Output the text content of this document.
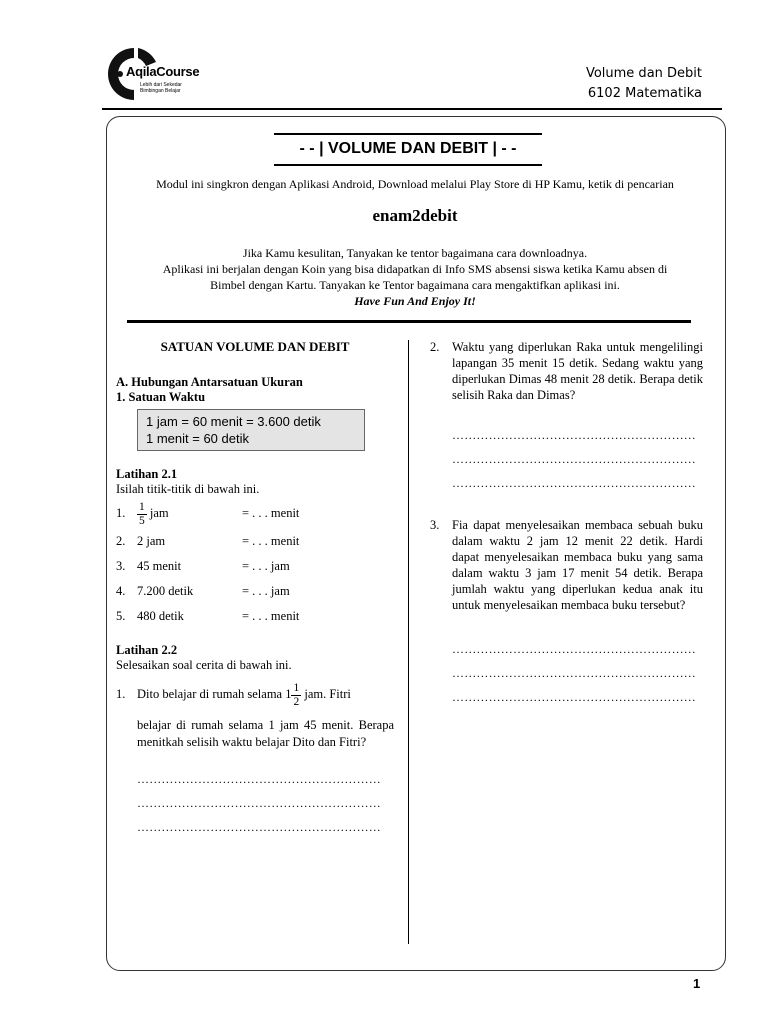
AqilaCourse
Lebih dari Sekedar
Bimbingan Belajar
Volume dan Debit
6102 Matematika
- - | VOLUME DAN DEBIT | - -
Modul ini singkron dengan Aplikasi Android, Download melalui Play Store di HP Kamu, ketik di pencarian
enam2debit
Jika Kamu kesulitan, Tanyakan ke tentor bagaimana cara downloadnya.
Aplikasi ini berjalan dengan Koin yang bisa didapatkan di Info SMS absensi siswa ketika Kamu absen di
Bimbel dengan Kartu. Tanyakan ke Tentor bagaimana cara mengaktifkan aplikasi ini.
Have Fun And Enjoy It!
SATUAN VOLUME DAN DEBIT
A. Hubungan Antarsatuan Ukuran
1. Satuan Waktu
1 jam = 60 menit = 3.600 detik
1 menit = 60 detik
Latihan 2.1
Isilah titik-titik di bawah ini.
1. $\frac{1}{5}$ jam	= . . . menit
2. 2 jam	= . . . menit
3. 45 menit	= . . . jam
4. 7.200 detik	= . . . jam
5. 480 detik	= . . . menit
Latihan 2.2
Selesaikan soal cerita di bawah ini.
1. Dito belajar di rumah selama $1 \frac{1}{2}$ jam. Fitri
belajar di rumah selama 1 jam 45 menit. Berapa menitkah selisih waktu belajar Dito dan Fitri?
……………………………………………………
……………………………………………………
……………………………………………………
2. Waktu yang diperlukan Raka untuk mengelilingi lapangan 35 menit 15 detik. Sedang waktu yang diperlukan Dimas 48 menit 28 detik. Berapa detik selisih Raka dan Dimas?
……………………………………………………
……………………………………………………
……………………………………………………
3. Fia dapat menyelesaikan membaca sebuah buku dalam waktu 2 jam 12 menit 22 detik. Hardi dapat menyelesaikan membaca buku yang sama dalam waktu 3 jam 17 menit 54 detik. Berapa jumlah waktu yang diperlukan kedua anak itu untuk menyelesaikan membaca buku tersebut?
……………………………………………………
……………………………………………………
……………………………………………………
1
